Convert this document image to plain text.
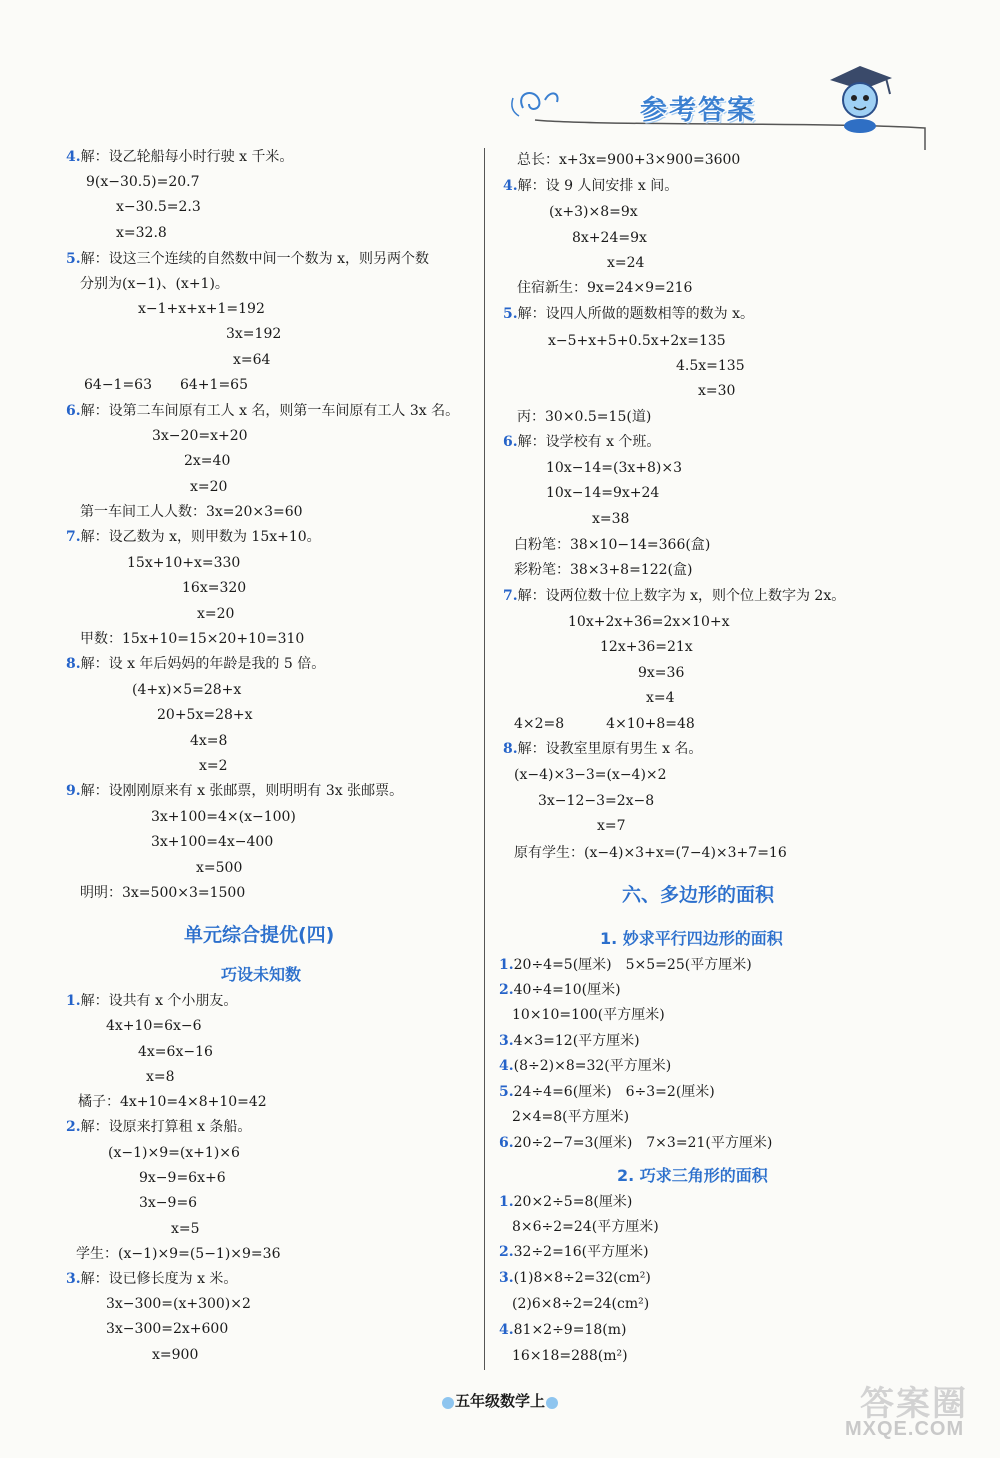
参考答案
4.解：设乙轮船每小时行驶 x 千米。
9(x−30.5)=20.7
x−30.5=2.3
x=32.8
5.解：设这三个连续的自然数中间一个数为 x，则另两个数
分别为(x−1)、(x+1)。
x−1+x+x+1=192
3x=192
x=64
64−1=63　　64+1=65
6.解：设第二车间原有工人 x 名，则第一车间原有工人 3x 名。
3x−20=x+20
2x=40
x=20
第一车间工人人数：3x=20×3=60
7.解：设乙数为 x，则甲数为 15x+10。
15x+10+x=330
16x=320
x=20
甲数：15x+10=15×20+10=310
8.解：设 x 年后妈妈的年龄是我的 5 倍。
(4+x)×5=28+x
20+5x=28+x
4x=8
x=2
9.解：设刚刚原来有 x 张邮票，则明明有 3x 张邮票。
3x+100=4×(x−100)
3x+100=4x−400
x=500
明明：3x=500×3=1500
单元综合提优(四)
巧设未知数
1.解：设共有 x 个小朋友。
4x+10=6x−6
4x=6x−16
x=8
橘子：4x+10=4×8+10=42
2.解：设原来打算租 x 条船。
(x−1)×9=(x+1)×6
9x−9=6x+6
3x−9=6
x=5
学生：(x−1)×9=(5−1)×9=36
3.解：设已修长度为 x 米。
3x−300=(x+300)×2
3x−300=2x+600
x=900
总长：x+3x=900+3×900=3600
4.解：设 9 人间安排 x 间。
(x+3)×8=9x
8x+24=9x
x=24
住宿新生：9x=24×9=216
5.解：设四人所做的题数相等的数为 x。
x−5+x+5+0.5x+2x=135
4.5x=135
x=30
丙：30×0.5=15(道)
6.解：设学校有 x 个班。
10x−14=(3x+8)×3
10x−14=9x+24
x=38
白粉笔：38×10−14=366(盒)
彩粉笔：38×3+8=122(盒)
7.解：设两位数十位上数字为 x，则个位上数字为 2x。
10x+2x+36=2x×10+x
12x+36=21x
9x=36
x=4
4×2=8　　　4×10+8=48
8.解：设教室里原有男生 x 名。
(x−4)×3−3=(x−4)×2
3x−12−3=2x−8
x=7
原有学生：(x−4)×3+x=(7−4)×3+7=16
六、多边形的面积
1. 妙求平行四边形的面积
1.20÷4=5(厘米)　5×5=25(平方厘米)
2.40÷4=10(厘米)
10×10=100(平方厘米)
3.4×3=12(平方厘米)
4.(8÷2)×8=32(平方厘米)
5.24÷4=6(厘米)　6÷3=2(厘米)
2×4=8(平方厘米)
6.20÷2−7=3(厘米)　7×3=21(平方厘米)
2. 巧求三角形的面积
1.20×2÷5=8(厘米)
8×6÷2=24(平方厘米)
2.32÷2=16(平方厘米)
3.(1)8×8÷2=32(cm²)
(2)6×8÷2=24(cm²)
4.81×2÷9=18(m)
16×18=288(m²)
五年级数学上	答案圈
MXQE.COM
